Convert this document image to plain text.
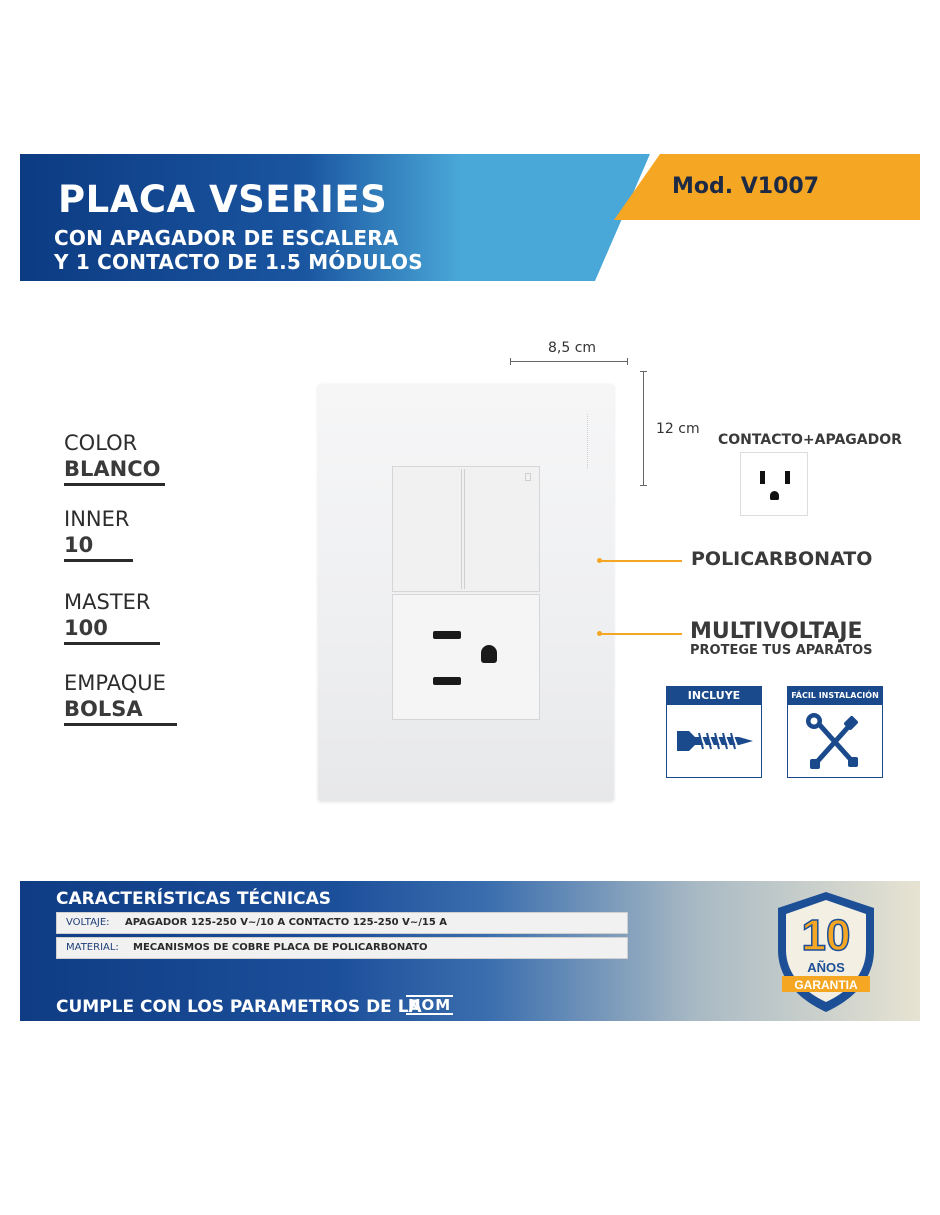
PLACA VSERIES
CON APAGADOR DE ESCALERA
Y 1 CONTACTO DE 1.5 MÓDULOS
Mod. V1007
COLOR
BLANCO
INNER
10
MASTER
100
EMPAQUE
BOLSA
8,5 cm
12 cm
CONTACTO+APAGADOR
POLICARBONATO
MULTIVOLTAJE
PROTEGE TUS APARATOS
INCLUYE	FÁCIL INSTALACIÓN
CARACTERÍSTICAS TÉCNICAS
VOLTAJE: APAGADOR 125-250 V~/10 A CONTACTO 125-250 V~/15 A
MATERIAL: MECANISMOS DE COBRE PLACA DE POLICARBONATO
CUMPLE CON LOS PARAMETROS DE LA
NOM
10
AÑOS
GARANTIA
